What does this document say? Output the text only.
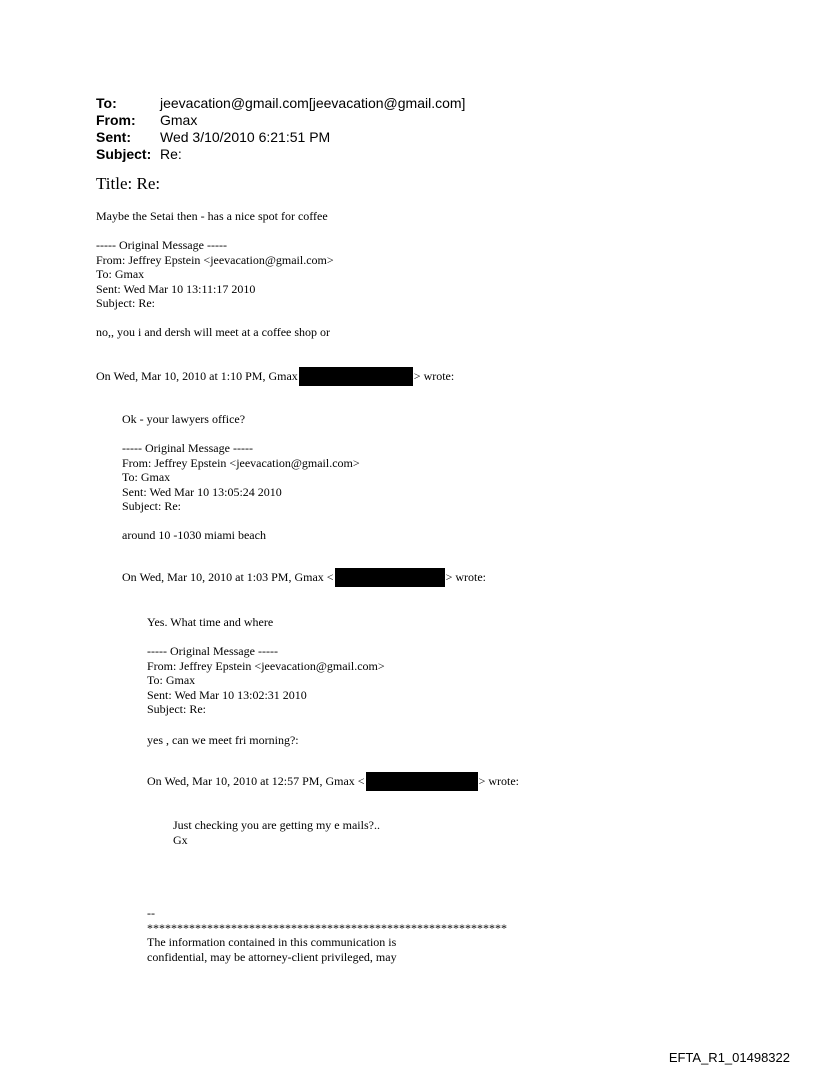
To:	jeevacation@gmail.com[jeevacation@gmail.com]
From:	Gmax
Sent:	Wed 3/10/2010 6:21:51 PM
Subject: Re:
Title: Re:
Maybe the Setai then - has a nice spot for coffee
----- Original Message -----
From: Jeffrey Epstein <jeevacation@gmail.com>
To: Gmax
Sent: Wed Mar 10 13:11:17 2010
Subject: Re:
no,, you i and dersh will meet at a coffee shop or
On Wed, Mar 10, 2010 at 1:10 PM, Gmax	> wrote:
Ok - your lawyers office?
----- Original Message -----
From: Jeffrey Epstein <jeevacation@gmail.com>
To: Gmax
Sent: Wed Mar 10 13:05:24 2010
Subject: Re:
around 10 -1030 miami beach
On Wed, Mar 10, 2010 at 1:03 PM, Gmax <	> wrote:
Yes. What time and where
----- Original Message -----
From: Jeffrey Epstein <jeevacation@gmail.com>
To: Gmax
Sent: Wed Mar 10 13:02:31 2010
Subject: Re:
yes , can we meet fri morning?:
On Wed, Mar 10, 2010 at 12:57 PM, Gmax <	> wrote:
Just checking you are getting my e mails?..
Gx
--
************************************************************
The information contained in this communication is
confidential, may be attorney-client privileged, may
EFTA_R1_01498322
